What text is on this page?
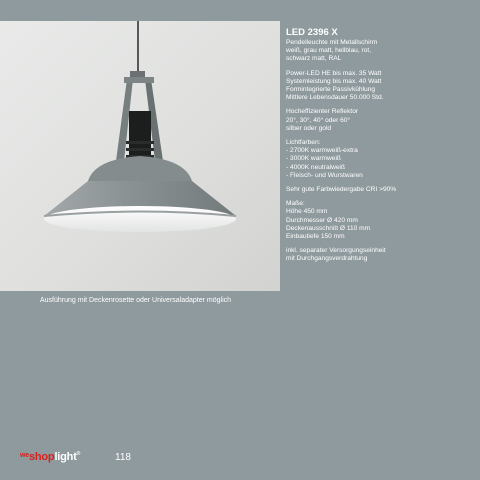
Ausführung mit Deckenrosette oder Universaladapter möglich
LED 2396 X

Pendelleuchte mit Metallschirm

weiß, grau matt, hellblau, rot,

schwarz matt, RAL

Power-LED HE bis max. 35 Watt

Systemleistung bis max. 40 Watt

Formintegrierte Passivkühlung

Mittlere Lebensdauer 50.000 Std.

Hocheffizienter Reflektor

20°, 30°, 40° oder 60°

silber oder gold

Lichtfarben:

- 2700K warmweiß-extra

- 3000K warmweiß

- 4000K neutralweiß

- Fleisch- und Wurstwaren

Sehr gute Farbwiedergabe CRI >90%

Maße:

Höhe 450 mm

Durchmesser Ø 420 mm

Deckenausschnitt Ø 110 mm

Einbautiefe 150 mm

inkl. separater Versorgungseinheit

mit Durchgangsverdrahtung

$^{we}$shoplight®	118
